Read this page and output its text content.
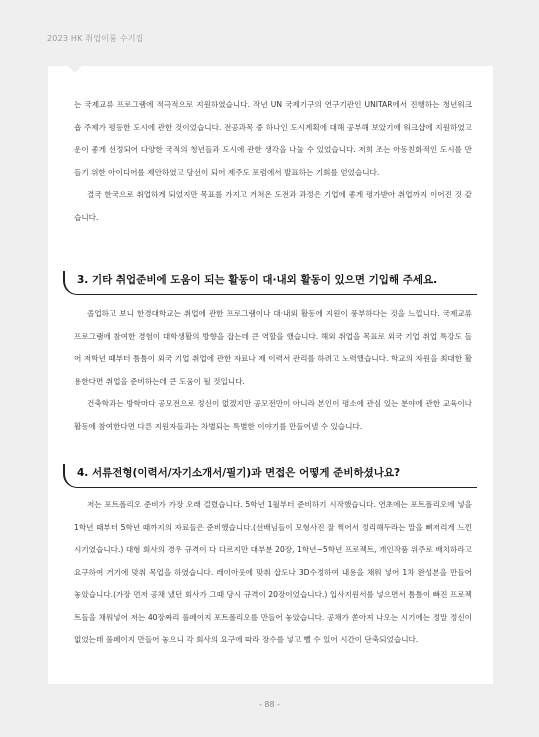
2023 HK 취업이룸 수기집

는 국제교류 프로그램에 적극적으로 지원하였습니다. 작년 UN 국제기구의 연구기관인 UNITAR에서 진행하는 청년워크숍 주제가 평등한 도시에 관한 것이었습니다. 전공과목 중 하나인 도시계획에 대해 공부해 보았기에 워크샵에 지원하였고 운이 좋게 선정되어 다양한 국적의 청년들과 도시에 관한 생각을 나눌 수 있었습니다. 저희 조는 아동친화적인 도시를 만들기 위한 아이디어를 제안하였고 당선이 되어 제주도 포럼에서 발표하는 기회를 얻었습니다.

결국 한국으로 취업하게 되었지만 목표를 가지고 거쳐온 도전과 과정은 기업에 좋게 평가받아 취업까지 이어진 것 같습니다.

3. 기타 취업준비에 도움이 되는 활동이 대·내외 활동이 있으면 기입해 주세요.

졸업하고 보니 한경대학교는 취업에 관한 프로그램이나 대·내외 활동에 지원이 풍부하다는 것을 느낍니다. 국제교류 프로그램에 참여한 경험이 대학생활의 방향을 잡는데 큰 역할을 했습니다. 해외 취업을 목표로 외국 기업 취업 특강도 들어 저학년 때부터 틈틈이 외국 기업 취업에 관한 자료나 제 이력서 관리를 하려고 노력했습니다. 학교의 자원을 최대한 활용한다면 취업을 준비하는데 큰 도움이 될 것입니다.

건축학과는 방학마다 공모전으로 정신이 없겠지만 공모전만이 아니라 본인이 평소에 관심 있는 분야에 관한 교육이나 활동에 참여한다면 다른 지원자들과는 차별되는 특별한 이야기를 만들어낼 수 있습니다.

4. 서류전형(이력서/자기소개서/필기)과 면접은 어떻게 준비하셨나요?

저는 포트폴리오 준비가 가장 오래 걸렸습니다. 5학년 1월부터 준비하기 시작했습니다. 연초에는 포트폴리오에 넣을 1학년 때부터 5학년 때까지의 자료들은 준비했습니다.(선배님들이 모형사진 잘 찍어서 정리해두라는 말을 뼈저리게 느낀 시기였습니다.) 대형 회사의 경우 규격이 다 다르지만 대부분 20장, 1학년~5학년 프로젝트, 개인작품 위주로 배치하라고 요구하여 거기에 맞춰 목업을 하였습니다. 레이아웃에 맞춰 삽도나 3D수정하여 내용을 채워 넣어 1차 완성본을 만들어 놓았습니다.(가장 먼저 공채 냈던 회사가 그때 당시 규격이 20장이었습니다.) 입사지원서를 넣으면서 틈틈이 빠진 프로젝트들을 채워넣어 저는 40장짜리 풀페이지 포트폴리오를 만들어 놓았습니다. 공채가 쏟아져 나오는 시기에는 정말 정신이 없었는데 풀페이지 만들어 놓으니 각 회사의 요구에 따라 장수를 넣고 뺄 수 있어 시간이 단축되었습니다.

- 88 -
